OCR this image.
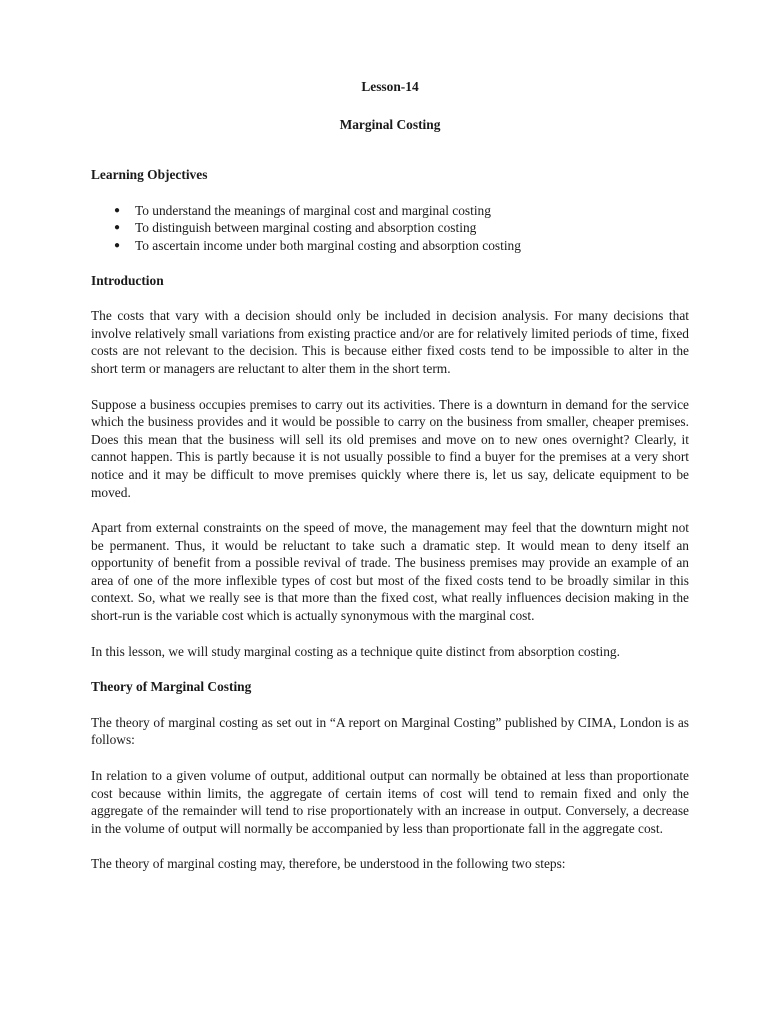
Lesson-14
Marginal Costing
Learning Objectives
● To understand the meanings of marginal cost and marginal costing
● To distinguish between marginal costing and absorption costing
● To ascertain income under both marginal costing and absorption costing
Introduction

The costs that vary with a decision should only be included in decision analysis. For many decisions that involve relatively small variations from existing practice and/or are for relatively limited periods of time, fixed costs are not relevant to the decision. This is because either fixed costs tend to be impossible to alter in the short term or managers are reluctant to alter them in the short term.

Suppose a business occupies premises to carry out its activities. There is a downturn in demand for the service which the business provides and it would be possible to carry on the business from smaller, cheaper premises. Does this mean that the business will sell its old premises and move on to new ones overnight? Clearly, it cannot happen. This is partly because it is not usually possible to find a buyer for the premises at a very short notice and it may be difficult to move premises quickly where there is, let us say, delicate equipment to be moved.

Apart from external constraints on the speed of move, the management may feel that the downturn might not be permanent. Thus, it would be reluctant to take such a dramatic step. It would mean to deny itself an opportunity of benefit from a possible revival of trade. The business premises may provide an example of an area of one of the more inflexible types of cost but most of the fixed costs tend to be broadly similar in this context. So, what we really see is that more than the fixed cost, what really influences decision making in the short-run is the variable cost which is actually synonymous with the marginal cost.

In this lesson, we will study marginal costing as a technique quite distinct from absorption costing.

Theory of Marginal Costing

The theory of marginal costing as set out in “A report on Marginal Costing” published by CIMA, London is as follows:

In relation to a given volume of output, additional output can normally be obtained at less than proportionate cost because within limits, the aggregate of certain items of cost will tend to remain fixed and only the aggregate of the remainder will tend to rise proportionately with an increase in output. Conversely, a decrease in the volume of output will normally be accompanied by less than proportionate fall in the aggregate cost.

The theory of marginal costing may, therefore, be understood in the following two steps:
